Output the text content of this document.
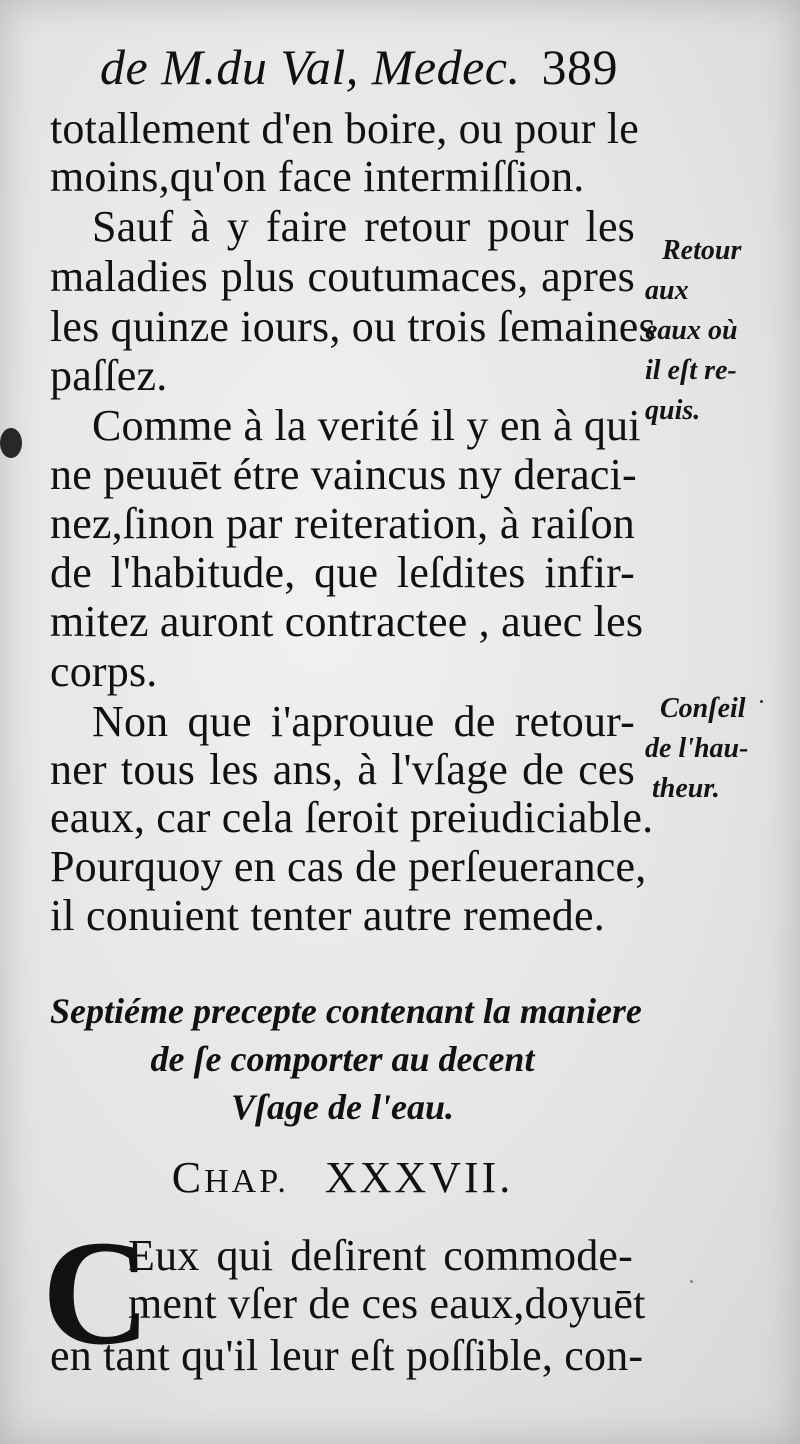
de M.du Val, Medec. 389
totallement d'en boire, ou pour le
moins,qu'on face intermiſſion.
Sauf à y faire retour pour les
maladies plus coutumaces, apres
les quinze iours, ou trois ſemaines
paſſez.
Comme à la verité il y en à qui
ne peuuēt étre vaincus ny deraci-
nez,ſinon par reiteration, à raiſon
de l'habitude, que leſdites infir-
mitez auront contractee , auec les
corps.
Non que i'aprouue de retour-
ner tous les ans, à l'vſage de ces
eaux, car cela ſeroit preiudiciable.
Pourquoy en cas de perſeuerance,
il conuient tenter autre remede.
Retour
aux
eaux où
il eſt re-
quis.
Conſeil
de l'hau-
theur.
Septiéme precepte contenant la maniere
de ſe comporter au decent
Vſage de l'eau.
CHAP. XXXVII.
C
Eux qui deſirent commode-
ment vſer de ces eaux,doyuēt
en tant qu'il leur eſt poſſible, con-
